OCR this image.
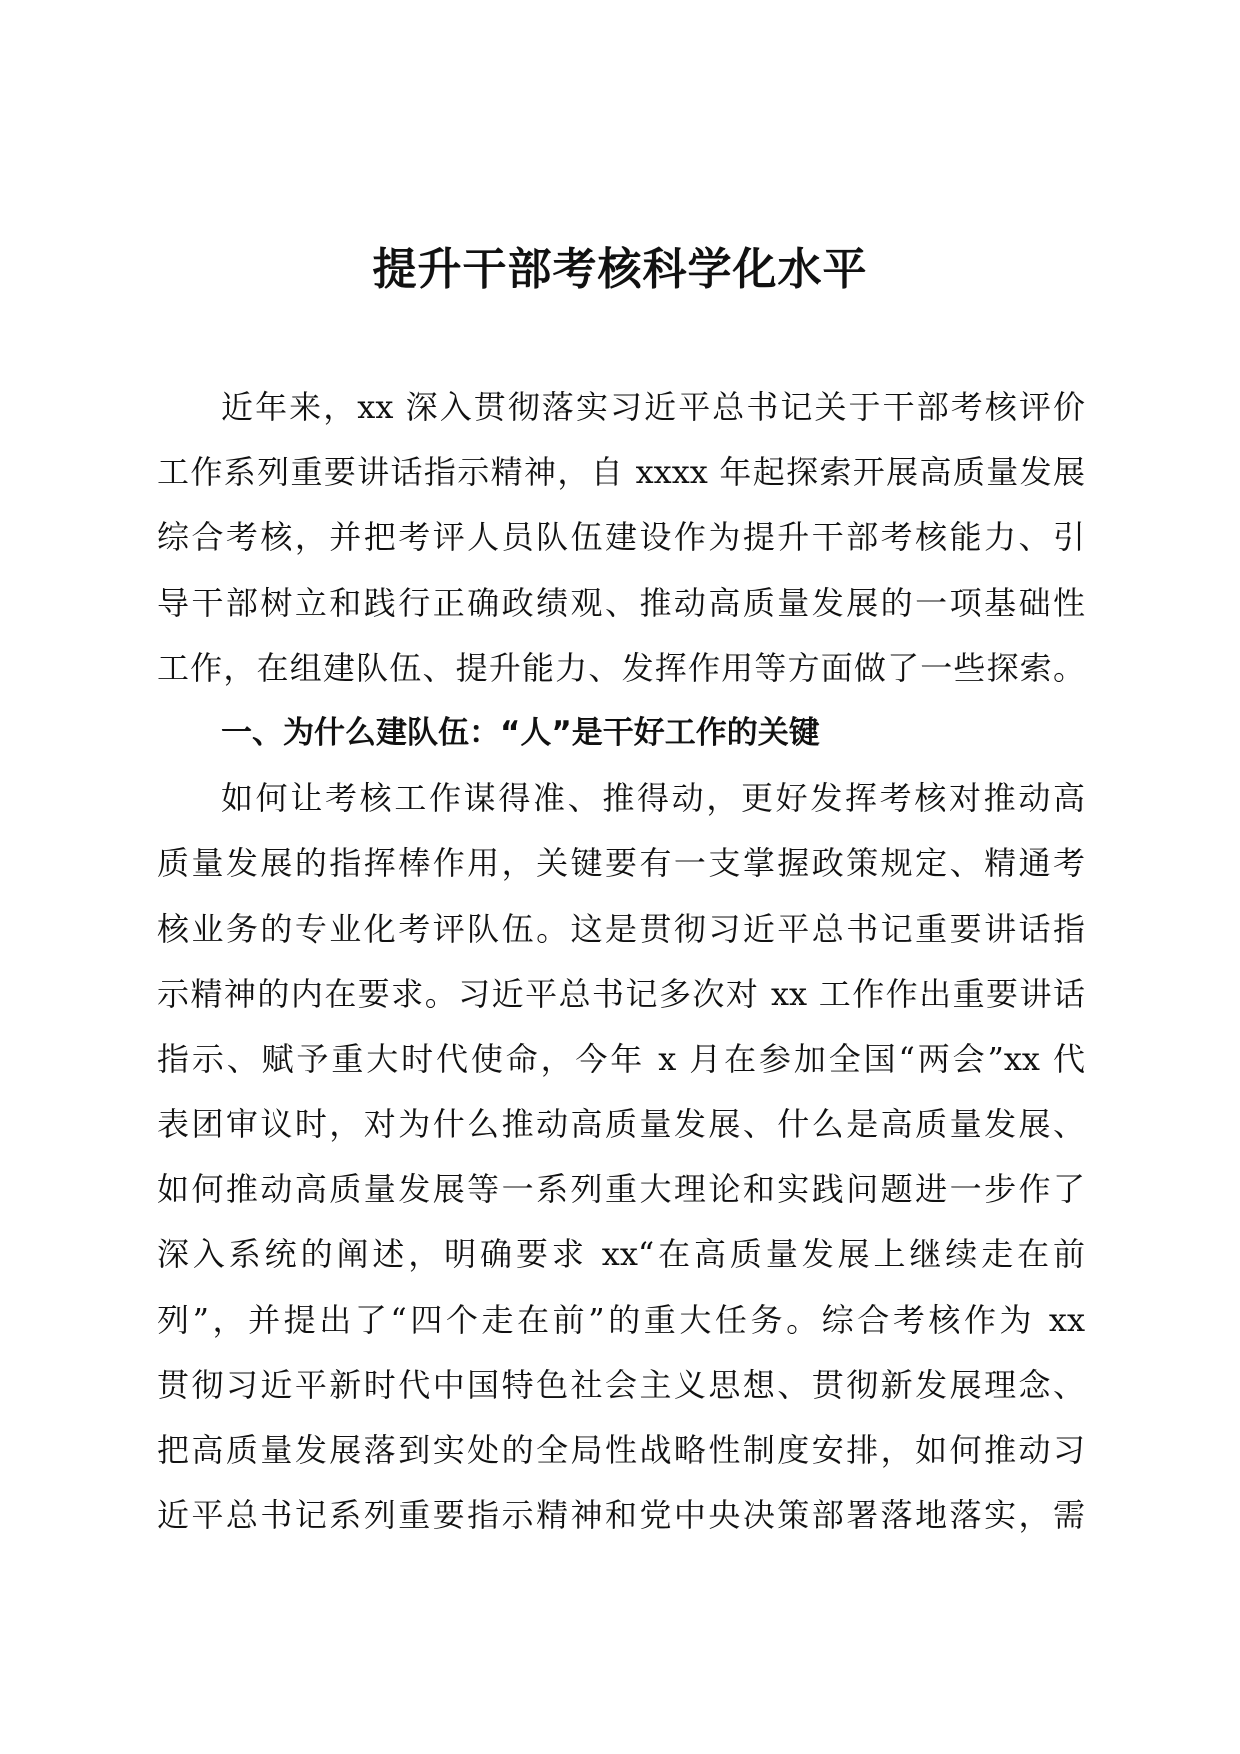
提升干部考核科学化水平
近年来，xx 深入贯彻落实习近平总书记关于干部考核评价
工作系列重要讲话指示精神，自 xxxx 年起探索开展高质量发展
综合考核，并把考评人员队伍建设作为提升干部考核能力、引
导干部树立和践行正确政绩观、推动高质量发展的一项基础性
工作，在组建队伍、提升能力、发挥作用等方面做了一些探索。
一、为什么建队伍：“人”是干好工作的关键
如何让考核工作谋得准、推得动，更好发挥考核对推动高
质量发展的指挥棒作用，关键要有一支掌握政策规定、精通考
核业务的专业化考评队伍。这是贯彻习近平总书记重要讲话指
示精神的内在要求。习近平总书记多次对 xx 工作作出重要讲话
指示、赋予重大时代使命，今年 x 月在参加全国“两会”xx 代
表团审议时，对为什么推动高质量发展、什么是高质量发展、
如何推动高质量发展等一系列重大理论和实践问题进一步作了
深入系统的阐述，明确要求 xx“在高质量发展上继续走在前
列”，并提出了“四个走在前”的重大任务。综合考核作为 xx
贯彻习近平新时代中国特色社会主义思想、贯彻新发展理念、
把高质量发展落到实处的全局性战略性制度安排，如何推动习
近平总书记系列重要指示精神和党中央决策部署落地落实，需
